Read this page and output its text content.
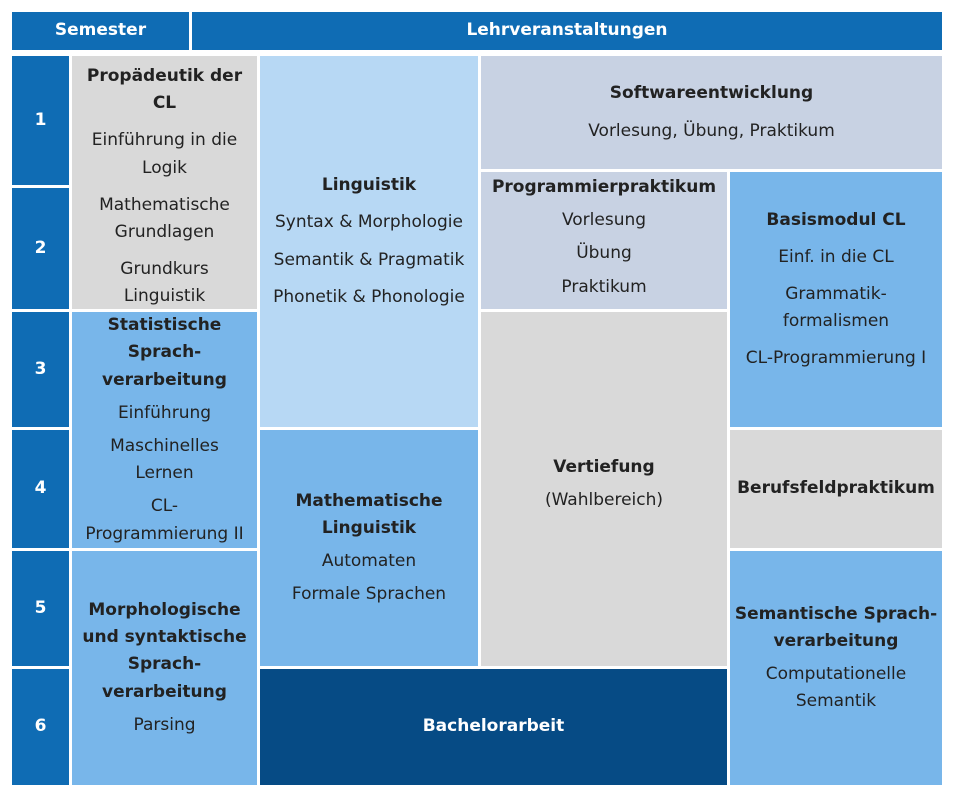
Semester	Lehrveranstaltungen
1
2
3
4
5
6
Propädeutik der
CL
Einführung in die
Logik
Mathematische
Grundlagen
Grundkurs
Linguistik
Linguistik
Syntax & Morphologie
Semantik & Pragmatik
Phonetik & Phonologie
Softwareentwicklung
Vorlesung, Übung, Praktikum
Programmierpraktikum
Vorlesung
Übung
Praktikum
Basismodul CL
Einf. in die CL
Grammatik-
formalismen
CL-Programmierung I
Statistische
Sprach-
verarbeitung
Einführung
Maschinelles
Lernen
CL-
Programmierung II
Vertiefung
(Wahlbereich)
Berufsfeldpraktikum
Mathematische
Linguistik
Automaten
Formale Sprachen
Morphologische
und syntaktische
Sprach-
verarbeitung
Parsing
Semantische Sprach-
verarbeitung
Computationelle
Semantik
Bachelorarbeit
